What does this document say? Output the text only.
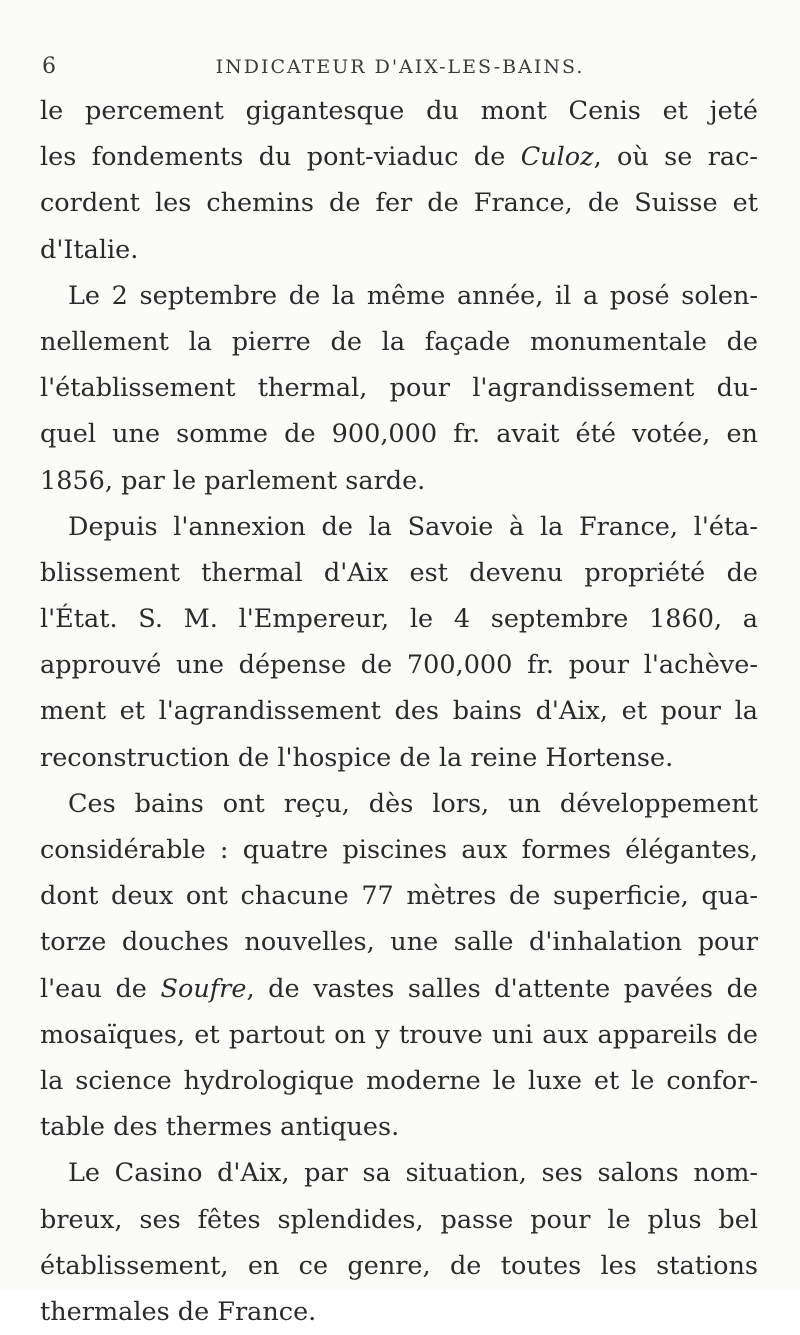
6	INDICATEUR D'AIX-LES-BAINS.
le percement gigantesque du mont Cenis et jeté
les fondements du pont-viaduc de Culoz, où se rac-
cordent les chemins de fer de France, de Suisse et
d'Italie.
Le 2 septembre de la même année, il a posé solen-
nellement la pierre de la façade monumentale de
l'établissement thermal, pour l'agrandissement du-
quel une somme de 900,000 fr. avait été votée, en
1856, par le parlement sarde.
Depuis l'annexion de la Savoie à la France, l'éta-
blissement thermal d'Aix est devenu propriété de
l'État. S. M. l'Empereur, le 4 septembre 1860, a
approuvé une dépense de 700,000 fr. pour l'achève-
ment et l'agrandissement des bains d'Aix, et pour la
reconstruction de l'hospice de la reine Hortense.
Ces bains ont reçu, dès lors, un développement
considérable : quatre piscines aux formes élégantes,
dont deux ont chacune 77 mètres de superficie, qua-
torze douches nouvelles, une salle d'inhalation pour
l'eau de Soufre, de vastes salles d'attente pavées de
mosaïques, et partout on y trouve uni aux appareils de
la science hydrologique moderne le luxe et le confor-
table des thermes antiques.
Le Casino d'Aix, par sa situation, ses salons nom-
breux, ses fêtes splendides, passe pour le plus bel
établissement, en ce genre, de toutes les stations
thermales de France.
